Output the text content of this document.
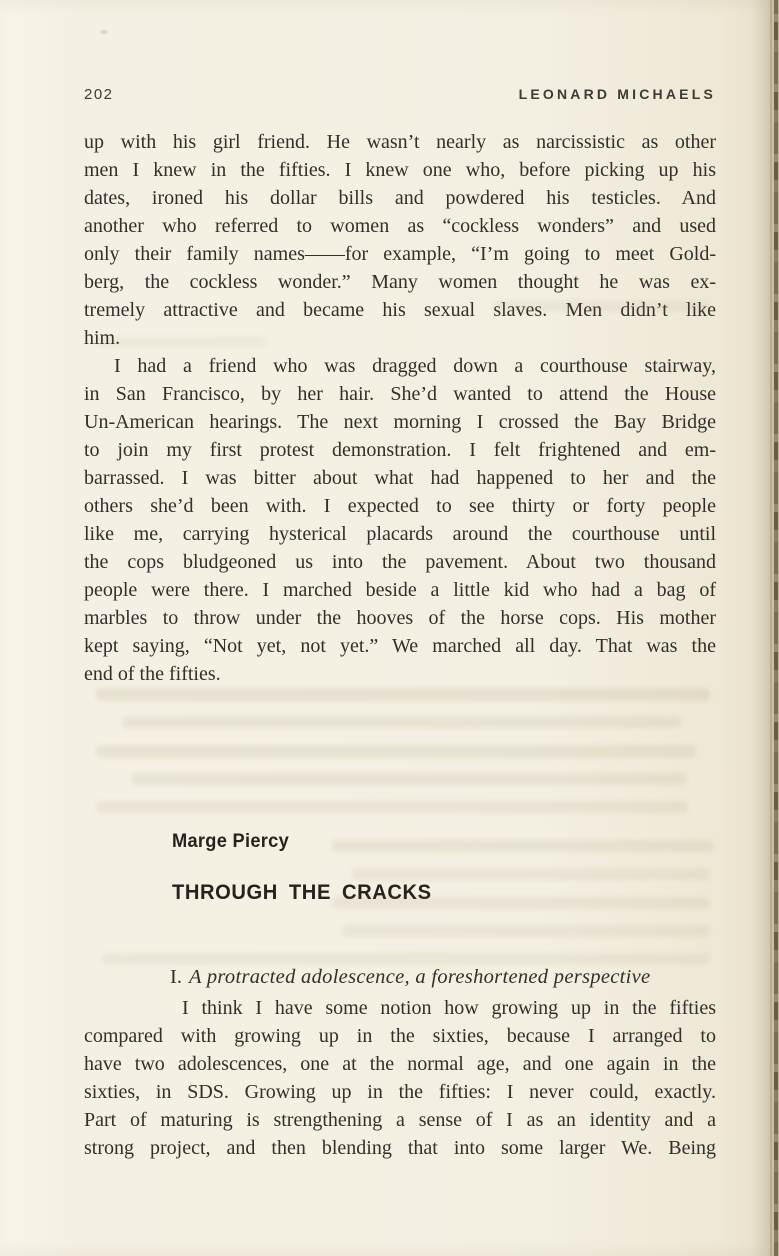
202	LEONARD MICHAELS
up with his girl friend. He wasn’t nearly as narcissistic as other
men I knew in the fifties. I knew one who, before picking up his
dates, ironed his dollar bills and powdered his testicles. And
another who referred to women as “cockless wonders” and used
only their family names——for example, “I’m going to meet Gold-
berg, the cockless wonder.” Many women thought he was ex-
tremely attractive and became his sexual slaves. Men didn’t like
him.
I had a friend who was dragged down a courthouse stairway,
in San Francisco, by her hair. She’d wanted to attend the House
Un-American hearings. The next morning I crossed the Bay Bridge
to join my first protest demonstration. I felt frightened and em-
barrassed. I was bitter about what had happened to her and the
others she’d been with. I expected to see thirty or forty people
like me, carrying hysterical placards around the courthouse until
the cops bludgeoned us into the pavement. About two thousand
people were there. I marched beside a little kid who had a bag of
marbles to throw under the hooves of the horse cops. His mother
kept saying, “Not yet, not yet.” We marched all day. That was the
end of the fifties.
Marge Piercy
THROUGH THE CRACKS

I. A protracted adolescence, a foreshortened perspective

I think I have some notion how growing up in the fifties
compared with growing up in the sixties, because I arranged to
have two adolescences, one at the normal age, and one again in the
sixties, in SDS. Growing up in the fifties: I never could, exactly.
Part of maturing is strengthening a sense of I as an identity and a
strong project, and then blending that into some larger We. Being
